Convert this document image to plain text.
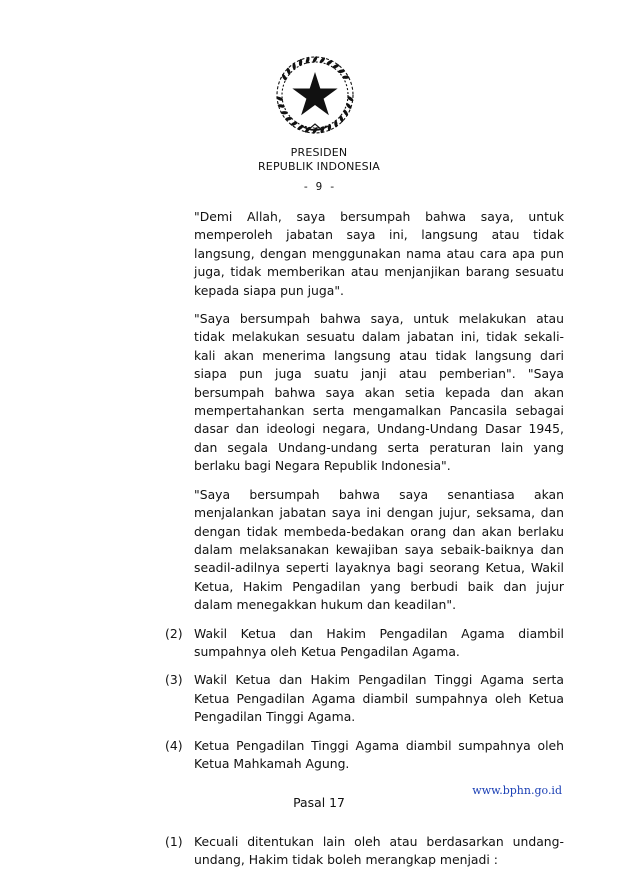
PRESIDEN
REPUBLIK INDONESIA
- 9 -
"Demi Allah, saya bersumpah bahwa saya, untuk memperoleh jabatan saya ini, langsung atau tidak langsung, dengan menggunakan nama atau cara apa pun juga, tidak memberikan atau menjanjikan barang sesuatu kepada siapa pun juga".
"Saya bersumpah bahwa saya, untuk melakukan atau tidak melakukan sesuatu dalam jabatan ini, tidak sekali-kali akan menerima langsung atau tidak langsung dari siapa pun juga suatu janji atau pemberian". "Saya bersumpah bahwa saya akan setia kepada dan akan mempertahankan serta mengamalkan Pancasila sebagai dasar dan ideologi negara, Undang-Undang Dasar 1945, dan segala Undang-undang serta peraturan lain yang berlaku bagi Negara Republik Indonesia".
"Saya bersumpah bahwa saya senantiasa akan menjalankan jabatan saya ini dengan jujur, seksama, dan dengan tidak membeda-bedakan orang dan akan berlaku dalam melaksanakan kewajiban saya sebaik-baiknya dan seadil-adilnya seperti layaknya bagi seorang Ketua, Wakil Ketua, Hakim Pengadilan yang berbudi baik dan jujur dalam menegakkan hukum dan keadilan".
(2) Wakil Ketua dan Hakim Pengadilan Agama diambil sumpahnya oleh Ketua Pengadilan Agama.
(3) Wakil Ketua dan Hakim Pengadilan Tinggi Agama serta Ketua Pengadilan Agama diambil sumpahnya oleh Ketua Pengadilan Tinggi Agama.
(4) Ketua Pengadilan Tinggi Agama diambil sumpahnya oleh Ketua Mahkamah Agung.
Pasal 17
(1) Kecuali ditentukan lain oleh atau berdasarkan undang-undang, Hakim tidak boleh merangkap menjadi :
www.bphn.go.id
